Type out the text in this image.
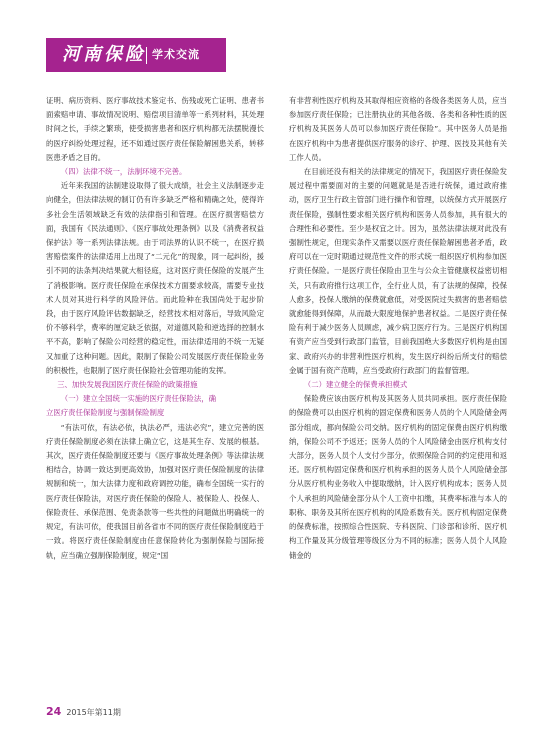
河南保险 学术交流

证明、病历资料、医疗事故技术鉴定书、伤残或死亡证明、患者书面索赔申请、事故情况说明、赔偿项目清单等一系列材料，其处理时间之长，手续之繁琐，使受损害患者和医疗机构都无法摆脱漫长的医疗纠纷处理过程，还不如通过医疗责任保险解困患关系，转移医患矛盾之目的。

（四）法律不统一，法制环境不完善。

近年来我国的法制建设取得了很大成绩，社会主义法制逐步走向健全，但法律法规的制订仍有许多缺乏严格和精确之处，使得许多社会生活领域缺乏有效的法律指引和管理。在医疗损害赔偿方面，我国有《民法通则》、《医疗事故处理条例》以及《消费者权益保护法》等一系列法律法规。由于司法界的认识不统一，在医疗损害赔偿案件的法律适用上出现了“二元化”的现象，同一起纠纷，援引不同的法条判决结果就大相径庭，这对医疗责任保险的发展产生了消极影响。医疗责任保险在承保技术方面要求较高，需要专业技术人员对其进行科学的风险评估。而此险种在我国尚处于起步阶段，由于医疗风险评估数据缺乏，经营技术相对落后，导致风险定价不够科学，费率的厘定缺乏依据，对道德风险和逆选择的控制水平不高，影响了保险公司经营的稳定性，而法律适用的不统一无疑又加重了这种问题。因此，限制了保险公司发展医疗责任保险业务的积极性，也限制了医疗责任保险社会管理功能的发挥。

三、加快发展我国医疗责任保险的政策措施
（一）建立全国统一实施的医疗责任保险法，确
立医疗责任保险制度与强制保险制度

“有法可依，有法必依，执法必严，违法必究”，建立完善的医疗责任保险制度必须在法律上确立它，这是其生存、发展的根基。其次，医疗责任保险制度还要与《医疗事故处理条例》等法律法规相结合，协调一致达到更高效协，加强对医疗责任保险制度的法律规制和统一，加大法律力度和政府调控功能，确布全国统一实行的医疗责任保险法，对医疗责任保险的保险人、被保险人、投保人、保险责任、承保范围、免责条款等一些共性的问题做出明确统一的规定，有法可依，使我国目前各省市不同的医疗责任保险制度趋于一致。将医疗责任保险制度由任意保险转化为强制保险与国际接轨，应当确立强制保险制度，规定“国

有非营利性医疗机构及其取得相应资格的各级各类医务人员，应当参加医疗责任保险；已注册执业的其他各级、各类和各种性质的医疗机构及其医务人员可以参加医疗责任保险”。其中医务人员是指在医疗机构中为患者提供医疗服务的诊疗、护理、医技及其他有关工作人员。

在目前还没有相关的法律规定的情况下，我国医疗责任保险发展过程中需要面对的主要的问题就是是否进行统保，通过政府推动，医疗卫生行政主管部门进行操作和管理，以统保方式开展医疗责任保险，强制性要求相关医疗机构和医务人员参加，具有很大的合理性和必要性。至少是权宜之计。因为，虽然法律法规对此没有强制性规定，但现实条件又需要以医疗责任保险解困患者矛盾，政府可以在一定时期通过规范性文件的形式统一组织医疗机构参加医疗责任保险。一是医疗责任保险由卫生与公众主管健康权益密切相关，只有政府推行这项工作，全行业人员，有了法规的保障，投保人愈多，投保人缴纳的保费就愈低，对受医院过失损害的患者赔偿就愈能得到保障，从而最大限度地保护患者权益。二是医疗责任保险有利于减少医务人员顾虑，减少病卫医疗行为。三是医疗机构国有资产应当受到行政部门监管，目前我国绝大多数医疗机构是由国家、政府兴办的非营利性医疗机构，发生医疗纠纷后所支付的赔偿金属于国有资产范畴，应当受政府行政部门的监督管理。

（二）建立健全的保费承担模式

保险费应该由医疗机构及其医务人员共同承担。医疗责任保险的保险费可以由医疗机构的固定保费和医务人员的个人风险储金两部分组成，都向保险公司交纳。医疗机构的固定保费由医疗机构缴纳，保险公司不予返还；医务人员的个人风险储金由医疗机构支付大部分，医务人员个人支付少部分，依照保险合同的约定使用和返还。医疗机构固定保费和医疗机构承担的医务人员个人风险储金部分从医疗机构业务收入中提取缴纳，计入医疗机构成本；医务人员个人承担的风险储金部分从个人工资中扣缴，其费率标准与本人的职称、职务及其所在医疗机构的风险系数有关。医疗机构固定保费的保费标准，按照综合性医院、专科医院、门诊部和诊所、医疗机构工作量及其分级管理等级区分为不同的标准；医务人员个人风险储金的

24 2015年第11期
